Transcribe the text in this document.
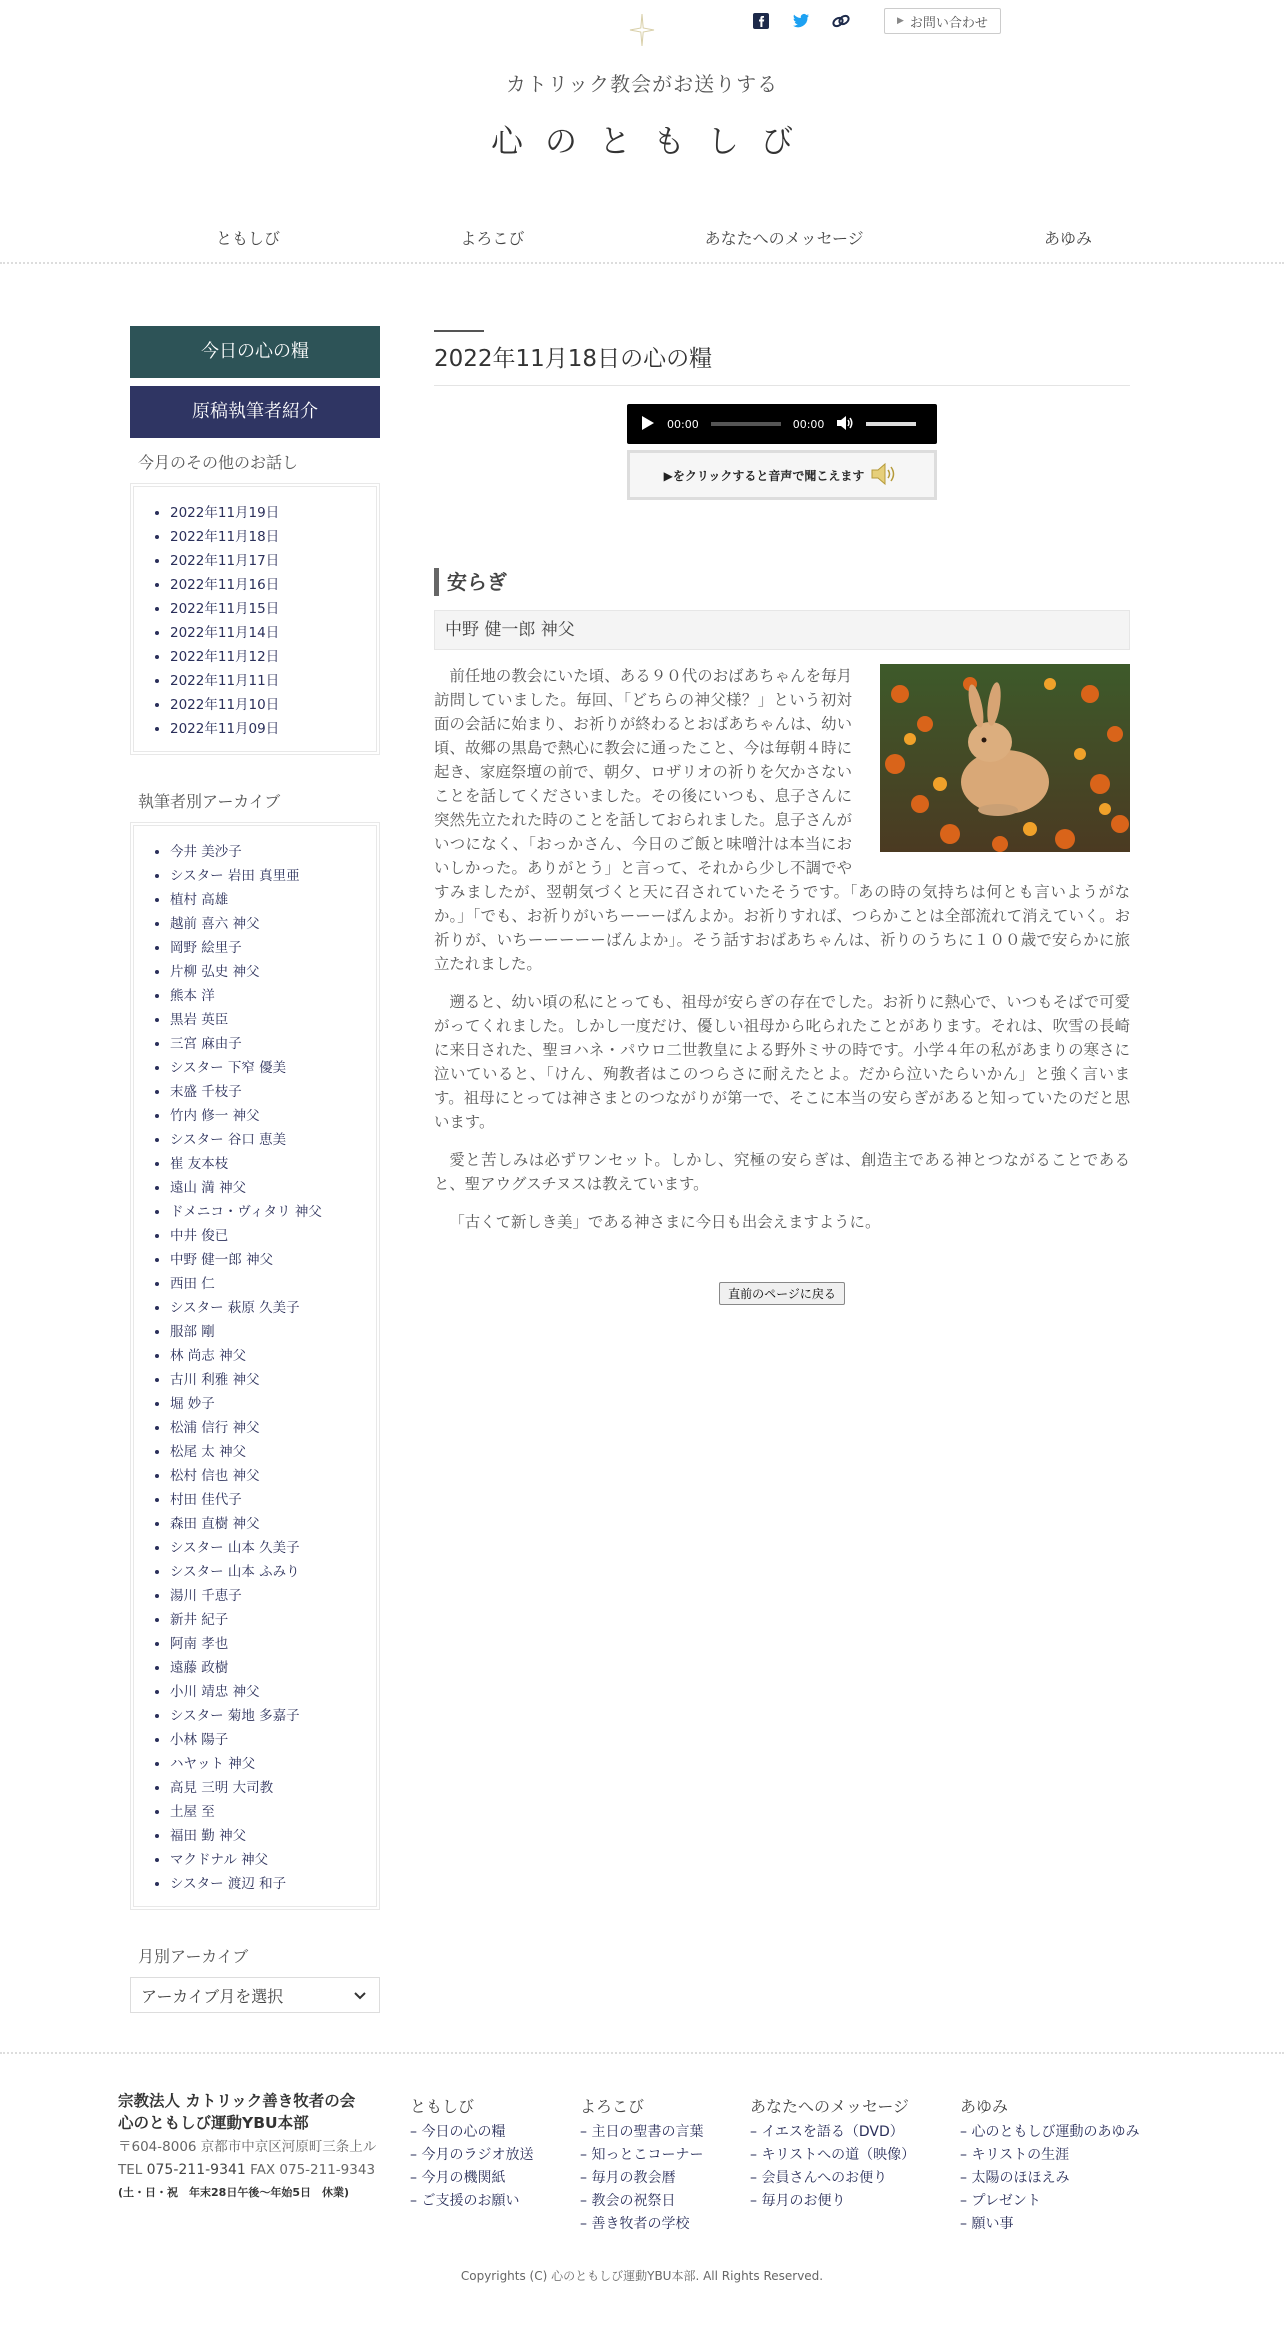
▶ お問い合わせ
カトリック教会がお送りする
心のともしび
ともしび	よろこび	あなたへのメッセージ	あゆみ
今日の心の糧
原稿執筆者紹介
今月のその他のお話し
• 2022年11月19日
• 2022年11月18日
• 2022年11月17日
• 2022年11月16日
• 2022年11月15日
• 2022年11月14日
• 2022年11月12日
• 2022年11月11日
• 2022年11月10日
• 2022年11月09日
執筆者別アーカイブ
• 今井 美沙子
• シスター 岩田 真里亜
• 植村 高雄
• 越前 喜六 神父
• 岡野 絵里子
• 片柳 弘史 神父
• 熊本 洋
• 黒岩 英臣
• 三宮 麻由子
• シスター 下窄 優美
• 末盛 千枝子
• 竹内 修一 神父
• シスター 谷口 恵美
• 崔 友本枝
• 遠山 満 神父
• ドメニコ・ヴィタリ 神父
• 中井 俊已
• 中野 健一郎 神父
• 西田 仁
• シスター 萩原 久美子
• 服部 剛
• 林 尚志 神父
• 古川 利雅 神父
• 堀 妙子
• 松浦 信行 神父
• 松尾 太 神父
• 松村 信也 神父
• 村田 佳代子
• 森田 直樹 神父
• シスター 山本 久美子
• シスター 山本 ふみり
• 湯川 千恵子
• 新井 紀子
• 阿南 孝也
• 遠藤 政樹
• 小川 靖忠 神父
• シスター 菊地 多嘉子
• 小林 陽子
• ハヤット 神父
• 高見 三明 大司教
• 土屋 至
• 福田 勤 神父
• マクドナル 神父
• シスター 渡辺 和子
月別アーカイブ
アーカイブ月を選択
2022年11月18日の心の糧
00:00	00:00
▶をクリックすると音声で聞こえます
安らぎ
中野 健一郎 神父

前任地の教会にいた頃、ある９０代のおばあちゃんを毎月訪問していました。毎回、「どちらの神父様？」という初対面の会話に始まり、お祈りが終わるとおばあちゃんは、幼い頃、故郷の黒島で熱心に教会に通ったこと、今は毎朝４時に起き、家庭祭壇の前で、朝夕、ロザリオの祈りを欠かさないことを話してくださいました。その後にいつも、息子さんに突然先立たれた時のことを話しておられました。息子さんがいつになく、「おっかさん、今日のご飯と味噌汁は本当においしかった。ありがとう」と言って、それから少し不調でやすみましたが、翌朝気づくと天に召されていたそうです。「あの時の気持ちは何とも言いようがなか。」「でも、お祈りがいちーーーばんよか。お祈りすれば、つらかことは全部流れて消えていく。お祈りが、いちーーーーーばんよか」。そう話すおばあちゃんは、祈りのうちに１００歳で安らかに旅立たれました。

遡ると、幼い頃の私にとっても、祖母が安らぎの存在でした。お祈りに熱心で、いつもそばで可愛がってくれました。しかし一度だけ、優しい祖母から叱られたことがあります。それは、吹雪の長崎に来日された、聖ヨハネ・パウロ二世教皇による野外ミサの時です。小学４年の私があまりの寒さに泣いていると、「けん、殉教者はこのつらさに耐えたとよ。だから泣いたらいかん」と強く言います。祖母にとっては神さまとのつながりが第一で、そこに本当の安らぎがあると知っていたのだと思います。

愛と苦しみは必ずワンセット。しかし、究極の安らぎは、創造主である神とつながることであると、聖アウグスチヌスは教えています。

「古くて新しき美」である神さまに今日も出会えますように。

直前のページに戻る
宗教法人 カトリック善き牧者の会
心のともしび運動YBU本部
〒604-8006 京都市中京区河原町三条上ル
TEL 075-211-9341 FAX 075-211-9343
(土・日・祝　年末28日午後〜年始5日　休業)
ともしび
– 今日の心の糧
– 今月のラジオ放送
– 今月の機関紙
– ご支援のお願い
よろこび
– 主日の聖書の言葉
– 知っとこコーナー
– 毎月の教会暦
– 教会の祝祭日
– 善き牧者の学校
あなたへのメッセージ
– イエスを語る（DVD）
– キリストへの道（映像）
– 会員さんへのお便り
– 毎月のお便り
あゆみ
– 心のともしび運動のあゆみ
– キリストの生涯
– 太陽のほほえみ
– プレゼント
– 願い事
Copyrights (C) 心のともしび運動YBU本部. All Rights Reserved.
